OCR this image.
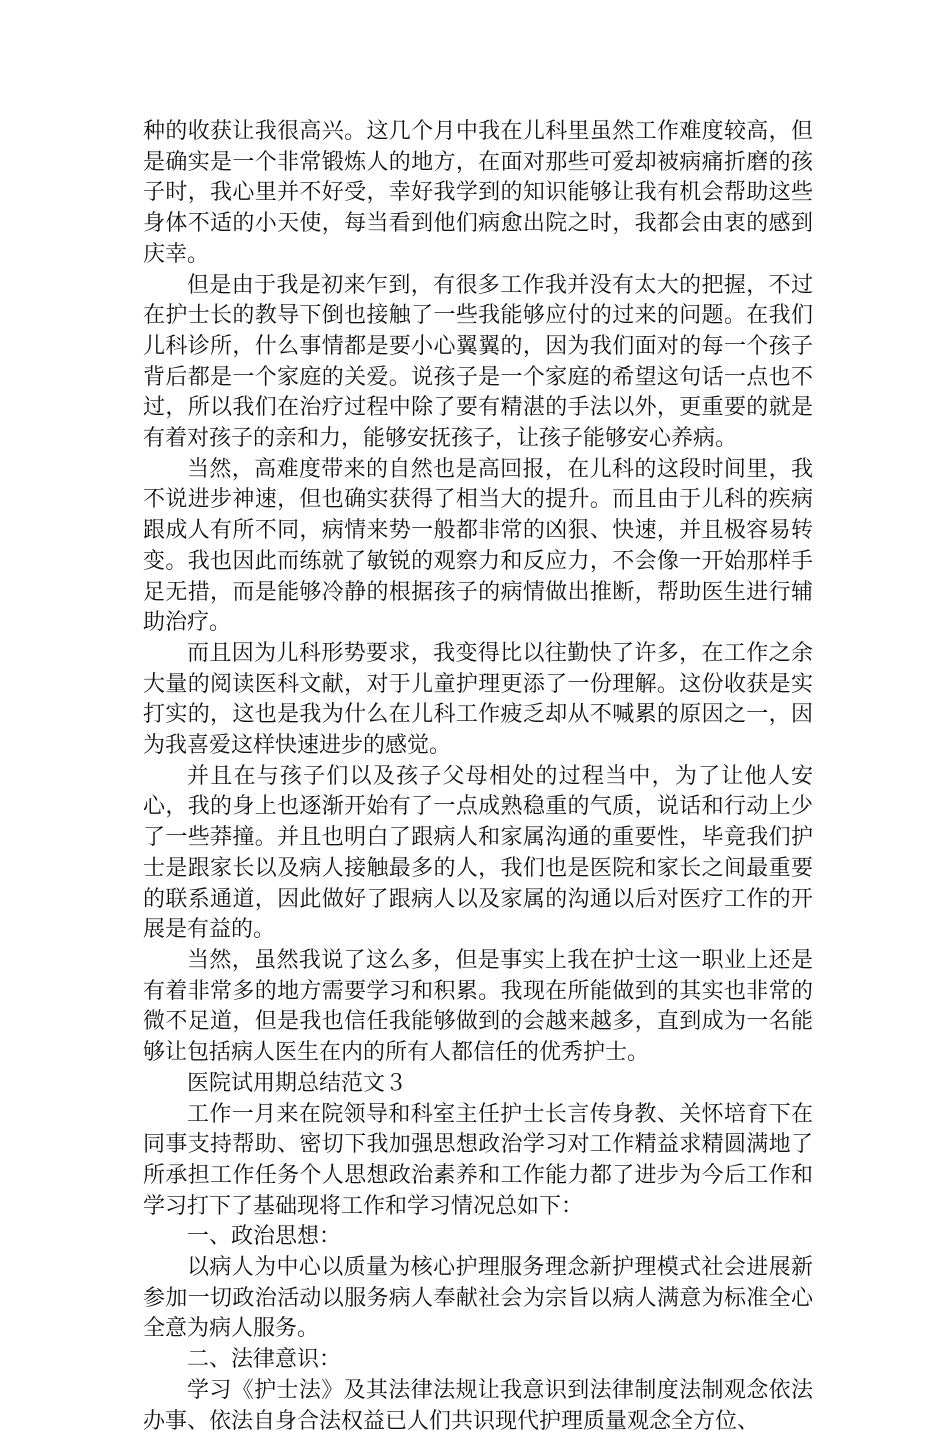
种的收获让我很高兴。这几个月中我在儿科里虽然工作难度较高，但是确实是一个非常锻炼人的地方，在面对那些可爱却被病痛折磨的孩子时，我心里并不好受，幸好我学到的知识能够让我有机会帮助这些身体不适的小天使，每当看到他们病愈出院之时，我都会由衷的感到庆幸。

但是由于我是初来乍到，有很多工作我并没有太大的把握，不过在护士长的教导下倒也接触了一些我能够应付的过来的问题。在我们儿科诊所，什么事情都是要小心翼翼的，因为我们面对的每一个孩子背后都是一个家庭的关爱。说孩子是一个家庭的希望这句话一点也不过，所以我们在治疗过程中除了要有精湛的手法以外，更重要的就是有着对孩子的亲和力，能够安抚孩子，让孩子能够安心养病。

当然，高难度带来的自然也是高回报，在儿科的这段时间里，我不说进步神速，但也确实获得了相当大的提升。而且由于儿科的疾病跟成人有所不同，病情来势一般都非常的凶狠、快速，并且极容易转变。我也因此而练就了敏锐的观察力和反应力，不会像一开始那样手足无措，而是能够冷静的根据孩子的病情做出推断，帮助医生进行辅助治疗。

而且因为儿科形势要求，我变得比以往勤快了许多，在工作之余大量的阅读医科文献，对于儿童护理更添了一份理解。这份收获是实打实的，这也是我为什么在儿科工作疲乏却从不喊累的原因之一，因为我喜爱这样快速进步的感觉。

并且在与孩子们以及孩子父母相处的过程当中，为了让他人安心，我的身上也逐渐开始有了一点成熟稳重的气质，说话和行动上少了一些莽撞。并且也明白了跟病人和家属沟通的重要性，毕竟我们护士是跟家长以及病人接触最多的人，我们也是医院和家长之间最重要的联系通道，因此做好了跟病人以及家属的沟通以后对医疗工作的开展是有益的。

当然，虽然我说了这么多，但是事实上我在护士这一职业上还是有着非常多的地方需要学习和积累。我现在所能做到的其实也非常的微不足道，但是我也信任我能够做到的会越来越多，直到成为一名能够让包括病人医生在内的所有人都信任的优秀护士。

医院试用期总结范文３

工作一月来在院领导和科室主任护士长言传身教、关怀培育下在同事支持帮助、密切下我加强思想政治学习对工作精益求精圆满地了所承担工作任务个人思想政治素养和工作能力都了进步为今后工作和学习打下了基础现将工作和学习情况总如下：

一、政治思想：

以病人为中心以质量为核心护理服务理念新护理模式社会进展新参加一切政治活动以服务病人奉献社会为宗旨以病人满意为标准全心全意为病人服务。

二、法律意识：

学习《护士法》及其法律法规让我意识到法律制度法制观念依法办事、依法自身合法权益已人们共识现代护理质量观念全方位、
